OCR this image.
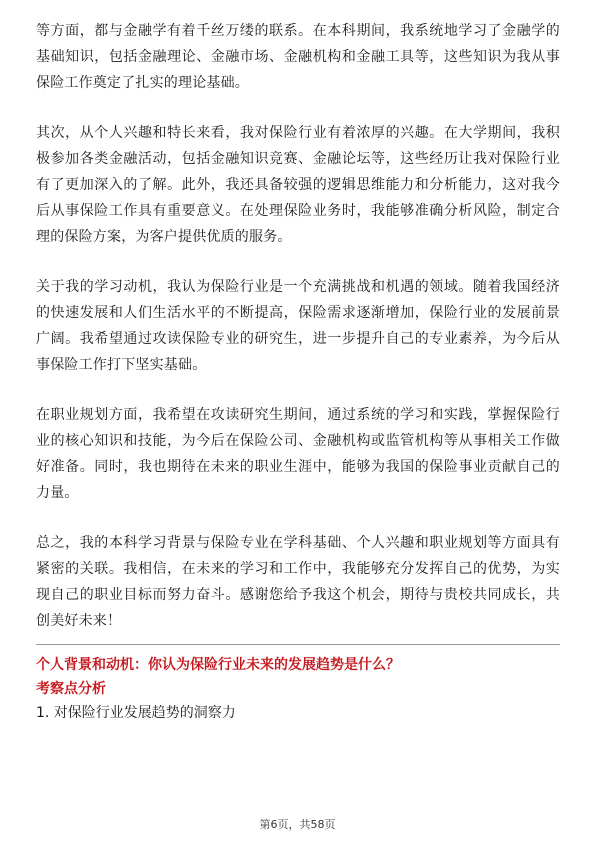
等方面，都与金融学有着千丝万缕的联系。在本科期间，我系统地学习了金融学的基础知识，包括金融理论、金融市场、金融机构和金融工具等，这些知识为我从事保险工作奠定了扎实的理论基础。

其次，从个人兴趣和特长来看，我对保险行业有着浓厚的兴趣。在大学期间，我积极参加各类金融活动，包括金融知识竞赛、金融论坛等，这些经历让我对保险行业有了更加深入的了解。此外，我还具备较强的逻辑思维能力和分析能力，这对我今后从事保险工作具有重要意义。在处理保险业务时，我能够准确分析风险，制定合理的保险方案，为客户提供优质的服务。

关于我的学习动机，我认为保险行业是一个充满挑战和机遇的领域。随着我国经济的快速发展和人们生活水平的不断提高，保险需求逐渐增加，保险行业的发展前景广阔。我希望通过攻读保险专业的研究生，进一步提升自己的专业素养，为今后从事保险工作打下坚实基础。

在职业规划方面，我希望在攻读研究生期间，通过系统的学习和实践，掌握保险行业的核心知识和技能，为今后在保险公司、金融机构或监管机构等从事相关工作做好准备。同时，我也期待在未来的职业生涯中，能够为我国的保险事业贡献自己的力量。

总之，我的本科学习背景与保险专业在学科基础、个人兴趣和职业规划等方面具有紧密的关联。我相信，在未来的学习和工作中，我能够充分发挥自己的优势，为实现自己的职业目标而努力奋斗。感谢您给予我这个机会，期待与贵校共同成长，共创美好未来！

个人背景和动机：你认为保险行业未来的发展趋势是什么？

考察点分析

1. 对保险行业发展趋势的洞察力

第6页，共58页
